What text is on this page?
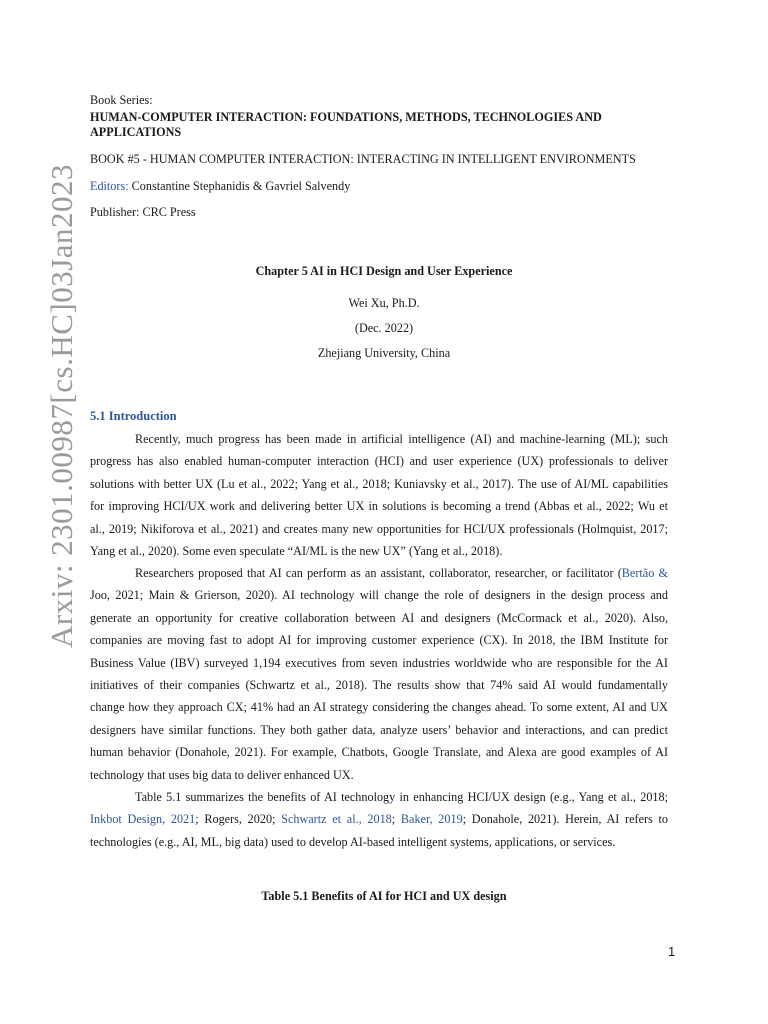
Arxiv: 2301.00987[cs.HC]03Jan2023
Book Series:
HUMAN-COMPUTER INTERACTION: FOUNDATIONS, METHODS, TECHNOLOGIES AND
APPLICATIONS
BOOK #5 - HUMAN COMPUTER INTERACTION: INTERACTING IN INTELLIGENT ENVIRONMENTS
Editors: Constantine Stephanidis & Gavriel Salvendy
Publisher: CRC Press
Chapter 5 AI in HCI Design and User Experience
Wei Xu, Ph.D.
(Dec. 2022)
Zhejiang University, China
5.1 Introduction
Recently, much progress has been made in artificial intelligence (AI) and machine-learning (ML); such
progress has also enabled human-computer interaction (HCI) and user experience (UX) professionals to deliver
solutions with better UX (Lu et al., 2022; Yang et al., 2018; Kuniavsky et al., 2017). The use of AI/ML capabilities
for improving HCI/UX work and delivering better UX in solutions is becoming a trend (Abbas et al., 2022; Wu et
al., 2019; Nikiforova et al., 2021) and creates many new opportunities for HCI/UX professionals (Holmquist, 2017;
Yang et al., 2020). Some even speculate “AI/ML is the new UX” (Yang et al., 2018).
Researchers proposed that AI can perform as an assistant, collaborator, researcher, or facilitator (Bertão &
Joo, 2021; Main & Grierson, 2020). AI technology will change the role of designers in the design process and
generate an opportunity for creative collaboration between AI and designers (McCormack et al., 2020). Also,
companies are moving fast to adopt AI for improving customer experience (CX). In 2018, the IBM Institute for
Business Value (IBV) surveyed 1,194 executives from seven industries worldwide who are responsible for the AI
initiatives of their companies (Schwartz et al., 2018). The results show that 74% said AI would fundamentally
change how they approach CX; 41% had an AI strategy considering the changes ahead. To some extent, AI and UX
designers have similar functions. They both gather data, analyze users’ behavior and interactions, and can predict
human behavior (Donahole, 2021). For example, Chatbots, Google Translate, and Alexa are good examples of AI
technology that uses big data to deliver enhanced UX.
Table 5.1 summarizes the benefits of AI technology in enhancing HCI/UX design (e.g., Yang et al., 2018;
Inkbot Design, 2021; Rogers, 2020; Schwartz et al., 2018; Baker, 2019; Donahole, 2021). Herein, AI refers to
technologies (e.g., AI, ML, big data) used to develop AI-based intelligent systems, applications, or services.
Table 5.1 Benefits of AI for HCI and UX design
1
